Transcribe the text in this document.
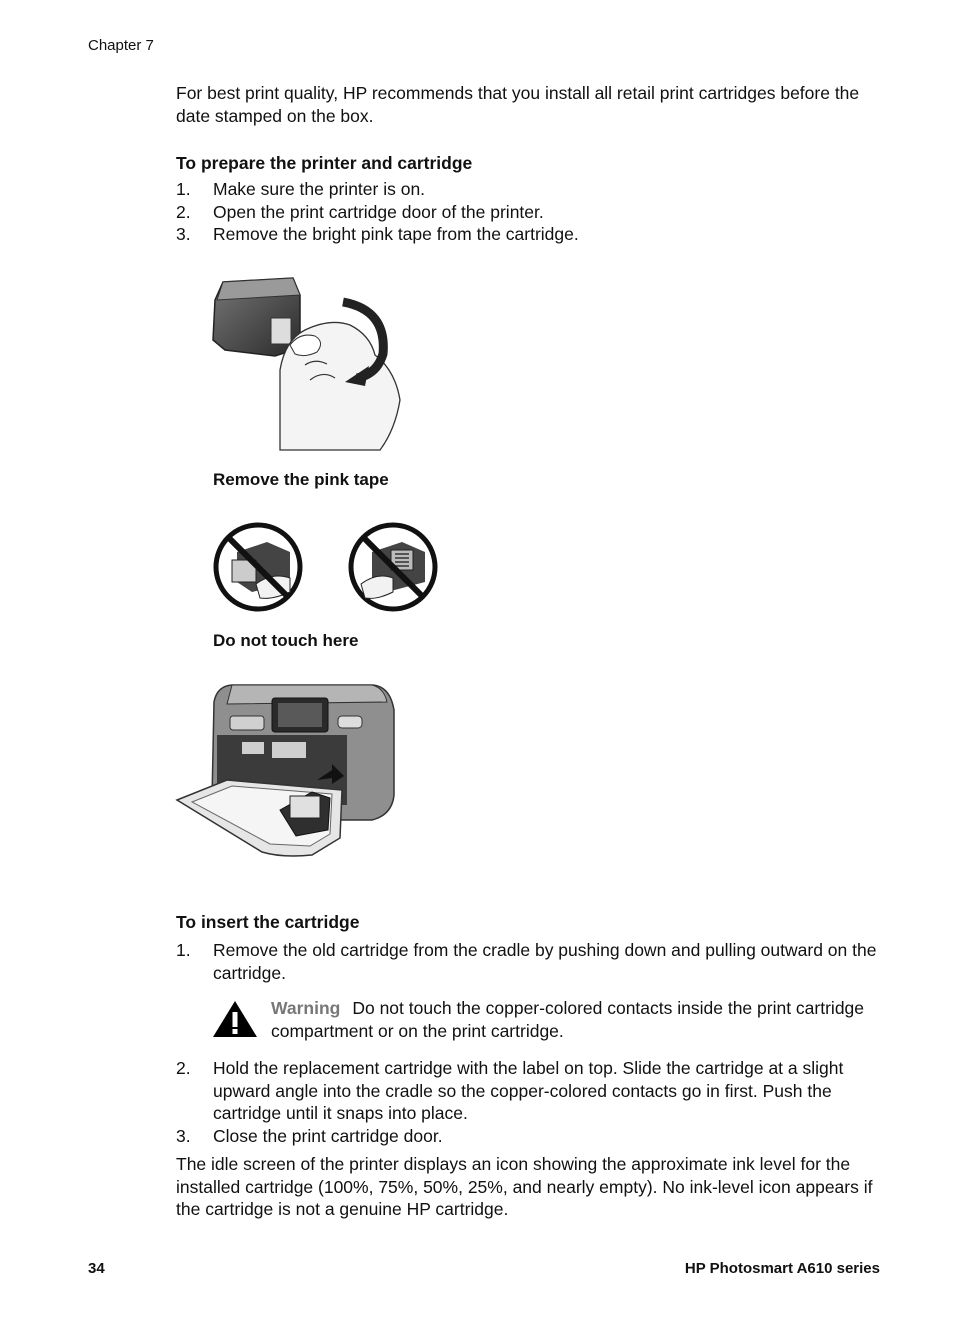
Chapter 7
For best print quality, HP recommends that you install all retail print cartridges before the date stamped on the box.
To prepare the printer and cartridge
1.	Make sure the printer is on.
2.	Open the print cartridge door of the printer.
3.	Remove the bright pink tape from the cartridge.
Remove the pink tape
Do not touch here
To insert the cartridge
1.	Remove the old cartridge from the cradle by pushing down and pulling outward on the cartridge.
Warning Do not touch the copper-colored contacts inside the print cartridge compartment or on the print cartridge.
2.	Hold the replacement cartridge with the label on top. Slide the cartridge at a slight upward angle into the cradle so the copper-colored contacts go in first. Push the cartridge until it snaps into place.
3.	Close the print cartridge door.
The idle screen of the printer displays an icon showing the approximate ink level for the installed cartridge (100%, 75%, 50%, 25%, and nearly empty). No ink-level icon appears if the cartridge is not a genuine HP cartridge.
34	HP Photosmart A610 series
